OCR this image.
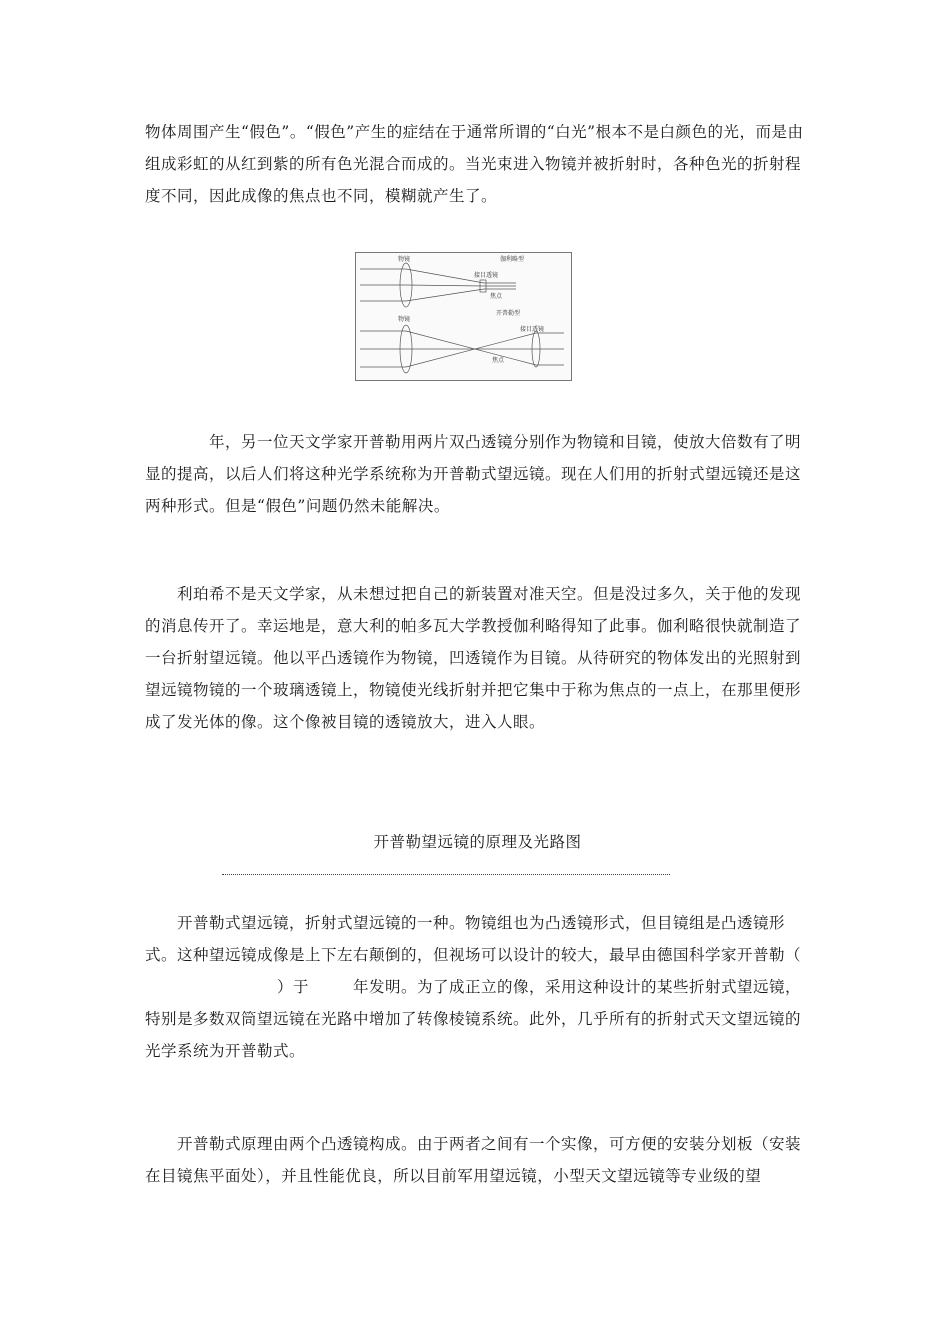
物体周围产生“假色”。“假色”产生的症结在于通常所谓的“白光”根本不是白颜色的光，而是由组成彩虹的从红到紫的所有色光混合而成的。当光束进入物镜并被折射时，各种色光的折射程度不同，因此成像的焦点也不同，模糊就产生了。

物镜	伽利略型
接目透镜
焦点
开普勒型
物镜
接目透镜
焦点

年，另一位天文学家开普勒用两片双凸透镜分别作为物镜和目镜，使放大倍数有了明显的提高，以后人们将这种光学系统称为开普勒式望远镜。现在人们用的折射式望远镜还是这两种形式。但是“假色”问题仍然未能解决。

利珀希不是天文学家，从未想过把自己的新装置对准天空。但是没过多久，关于他的发现的消息传开了。幸运地是，意大利的帕多瓦大学教授伽利略得知了此事。伽利略很快就制造了一台折射望远镜。他以平凸透镜作为物镜，凹透镜作为目镜。从待研究的物体发出的光照射到望远镜物镜的一个玻璃透镜上，物镜使光线折射并把它集中于称为焦点的一点上，在那里便形成了发光体的像。这个像被目镜的透镜放大，进入人眼。

开普勒望远镜的原理及光路图

开普勒式望远镜，折射式望远镜的一种。物镜组也为凸透镜形式，但目镜组是凸透镜形式。这种望远镜成像是上下左右颠倒的，但视场可以设计的较大，最早由德国科学家开普勒（）于	年发明。为了成正立的像，采用这种设计的某些折射式望远镜，特别是多数双筒望远镜在光路中增加了转像棱镜系统。此外，几乎所有的折射式天文望远镜的光学系统为开普勒式。

开普勒式原理由两个凸透镜构成。由于两者之间有一个实像，可方便的安装分划板（安装在目镜焦平面处），并且性能优良，所以目前军用望远镜，小型天文望远镜等专业级的望
